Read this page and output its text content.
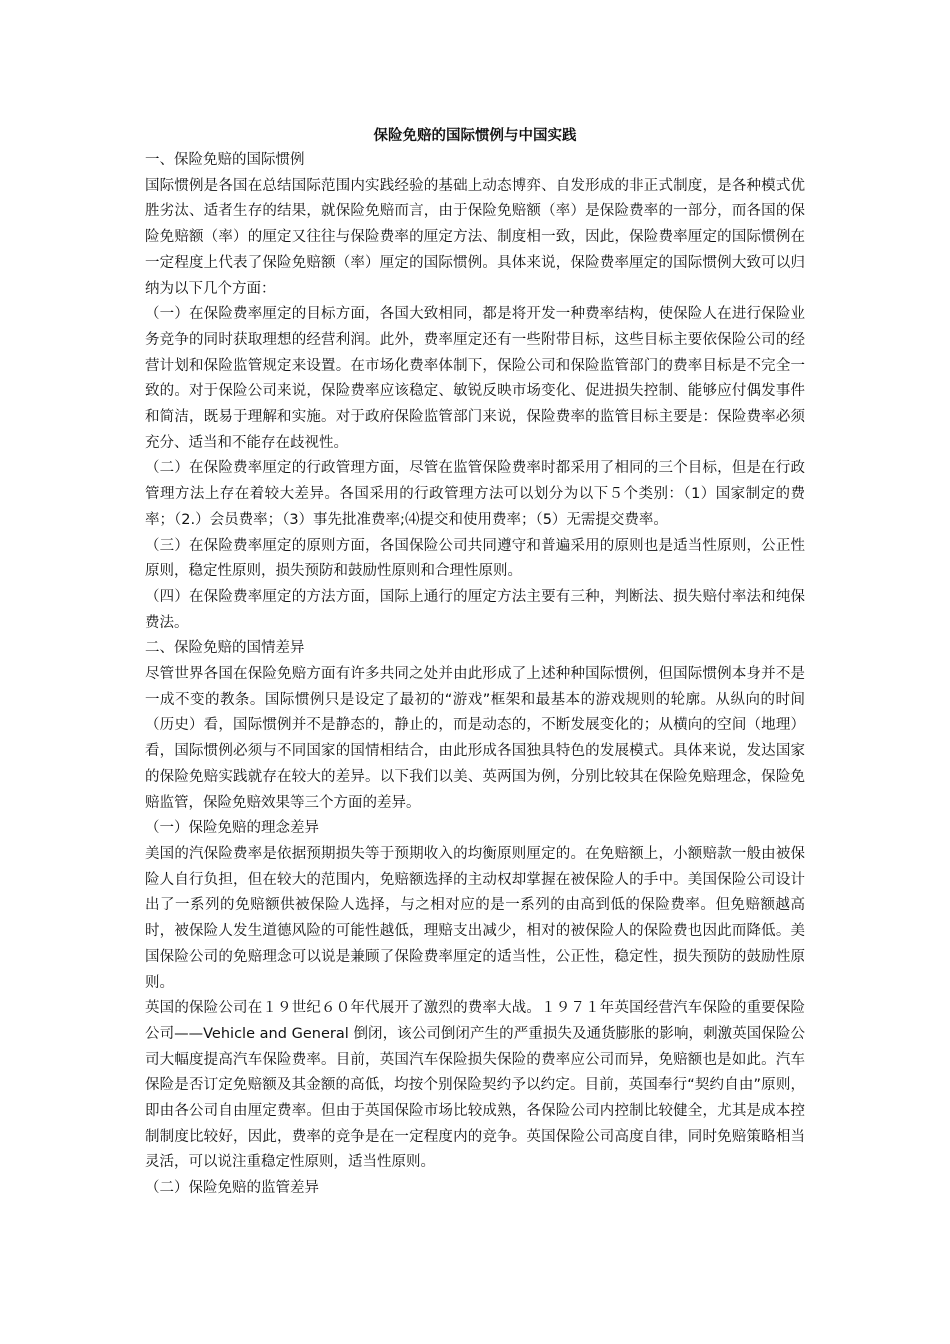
保险免赔的国际惯例与中国实践

一、保险免赔的国际惯例

国际惯例是各国在总结国际范围内实践经验的基础上动态博弈、自发形成的非正式制度，是各种模式优胜劣汰、适者生存的结果，就保险免赔而言，由于保险免赔额（率）是保险费率的一部分，而各国的保险免赔额（率）的厘定又往往与保险费率的厘定方法、制度相一致，因此，保险费率厘定的国际惯例在一定程度上代表了保险免赔额（率）厘定的国际惯例。具体来说，保险费率厘定的国际惯例大致可以归纳为以下几个方面：

（一）在保险费率厘定的目标方面，各国大致相同，都是将开发一种费率结构，使保险人在进行保险业务竞争的同时获取理想的经营利润。此外，费率厘定还有一些附带目标，这些目标主要依保险公司的经营计划和保险监管规定来设置。在市场化费率体制下，保险公司和保险监管部门的费率目标是不完全一致的。对于保险公司来说，保险费率应该稳定、敏锐反映市场变化、促进损失控制、能够应付偶发事件和简洁，既易于理解和实施。对于政府保险监管部门来说，保险费率的监管目标主要是：保险费率必须充分、适当和不能存在歧视性。

（二）在保险费率厘定的行政管理方面，尽管在监管保险费率时都采用了相同的三个目标，但是在行政管理方法上存在着较大差异。各国采用的行政管理方法可以划分为以下５个类别：（1）国家制定的费率；（2.）会员费率；（3）事先批准费率;⑷提交和使用费率；（5）无需提交费率。

（三）在保险费率厘定的原则方面，各国保险公司共同遵守和普遍采用的原则也是适当性原则，公正性原则，稳定性原则，损失预防和鼓励性原则和合理性原则。

（四）在保险费率厘定的方法方面，国际上通行的厘定方法主要有三种，判断法、损失赔付率法和纯保费法。

二、保险免赔的国情差异

尽管世界各国在保险免赔方面有许多共同之处并由此形成了上述种种国际惯例，但国际惯例本身并不是一成不变的教条。国际惯例只是设定了最初的“游戏”框架和最基本的游戏规则的轮廓。从纵向的时间（历史）看，国际惯例并不是静态的，静止的，而是动态的，不断发展变化的；从横向的空间（地理）看，国际惯例必须与不同国家的国情相结合，由此形成各国独具特色的发展模式。具体来说，发达国家的保险免赔实践就存在较大的差异。以下我们以美、英两国为例，分别比较其在保险免赔理念，保险免赔监管，保险免赔效果等三个方面的差异。

（一）保险免赔的理念差异

美国的汽保险费率是依据预期损失等于预期收入的均衡原则厘定的。在免赔额上，小额赔款一般由被保险人自行负担，但在较大的范围内，免赔额选择的主动权却掌握在被保险人的手中。美国保险公司设计出了一系列的免赔额供被保险人选择，与之相对应的是一系列的由高到低的保险费率。但免赔额越高时，被保险人发生道德风险的可能性越低，理赔支出减少，相对的被保险人的保险费也因此而降低。美国保险公司的免赔理念可以说是兼顾了保险费率厘定的适当性，公正性，稳定性，损失预防的鼓励性原则。

英国的保险公司在１９世纪６０年代展开了激烈的费率大战。１９７１年英国经营汽车保险的重要保险公司——Vehicle and General 倒闭，该公司倒闭产生的严重损失及通货膨胀的影响，刺激英国保险公司大幅度提高汽车保险费率。目前，英国汽车保险损失保险的费率应公司而异，免赔额也是如此。汽车保险是否订定免赔额及其金额的高低，均按个别保险契约予以约定。目前，英国奉行“契约自由”原则，即由各公司自由厘定费率。但由于英国保险市场比较成熟，各保险公司内控制比较健全，尤其是成本控制制度比较好，因此，费率的竞争是在一定程度内的竞争。英国保险公司高度自律，同时免赔策略相当灵活，可以说注重稳定性原则，适当性原则。

（二）保险免赔的监管差异
